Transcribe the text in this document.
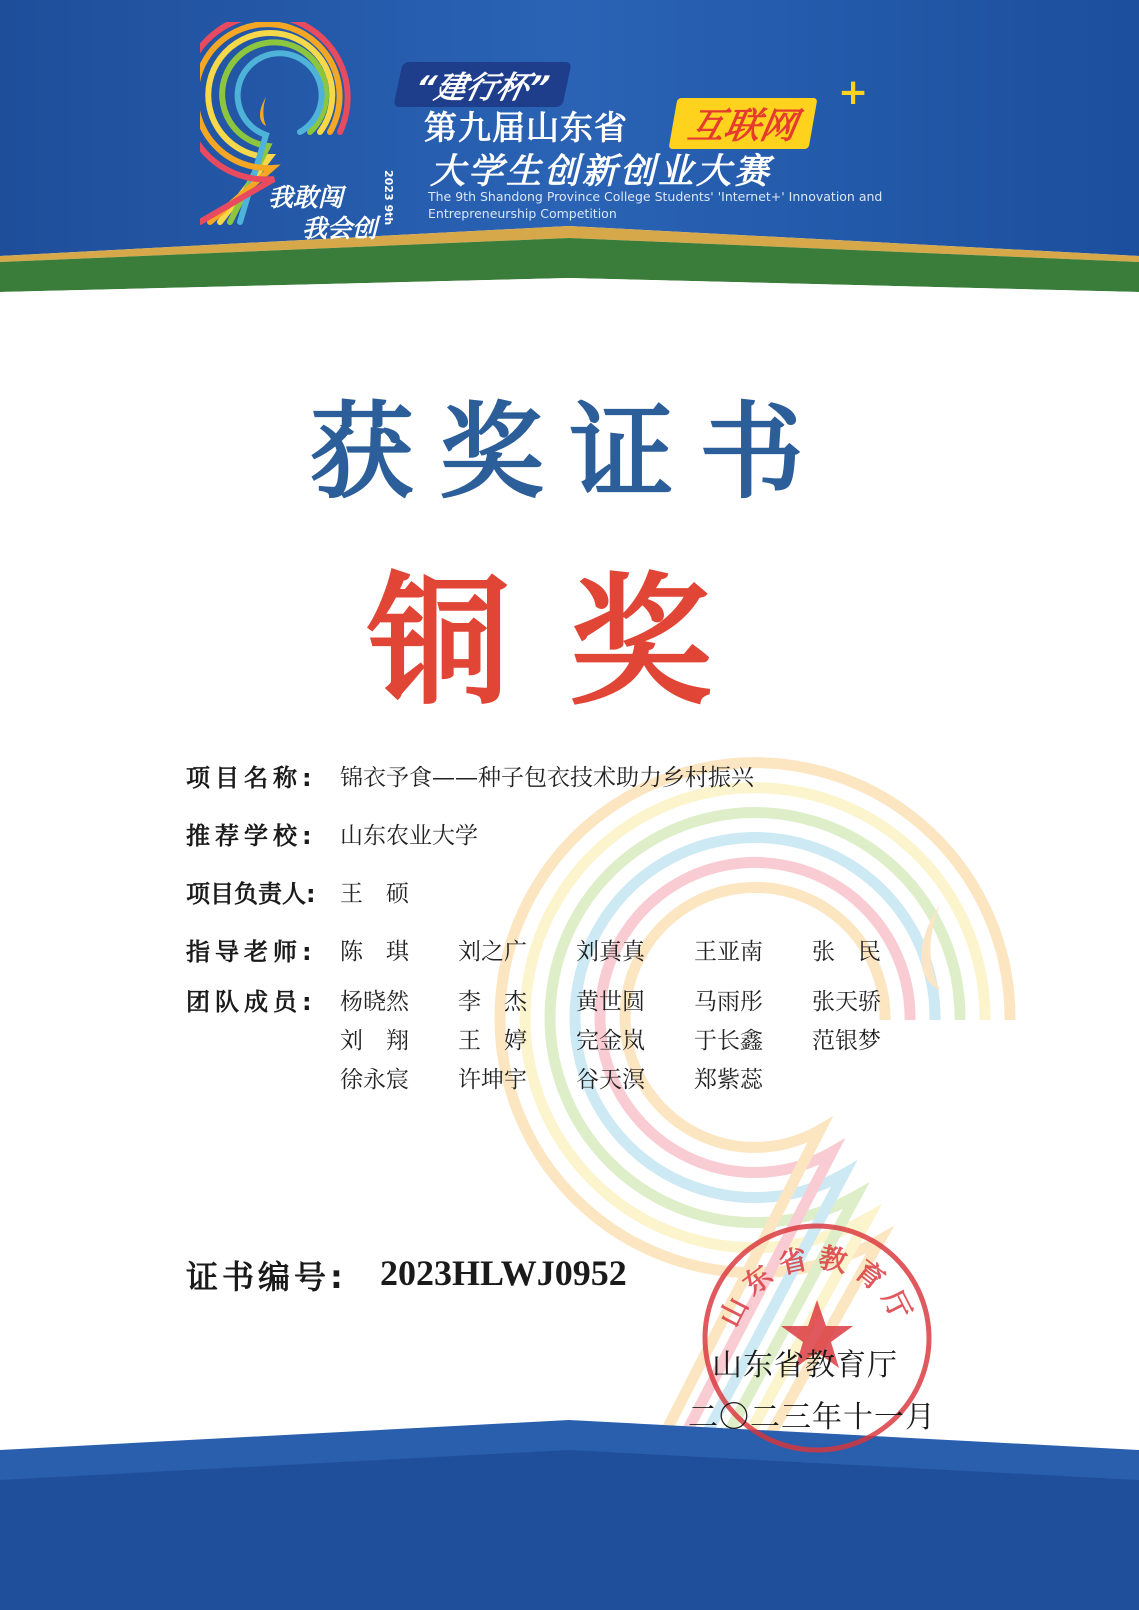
我敢闯
我会创
2023 9th
“建行杯”
第九届山东省	互联网
+
大学生创新创业大赛
The 9th Shandong Province College Students' 'Internet+' Innovation and Entrepreneurship Competition
获奖证书
铜奖
项目名称: 锦衣予食——种子包衣技术助力乡村振兴
推荐学校: 山东农业大学
项目负责人: 王　硕
指导老师: 陈　琪	刘之广	刘真真	王亚南	张　民
团队成员: 杨晓然	李　杰	黄世圆	马雨彤	张天骄
刘　翔	王　婷	完金岚	于长鑫	范银梦
徐永宸	许坤宇	谷天溟	郑紫蕊
证书编号: 2023HLWJ0952
山东省教育厅
山东省教育厅
二〇二三年十一月
